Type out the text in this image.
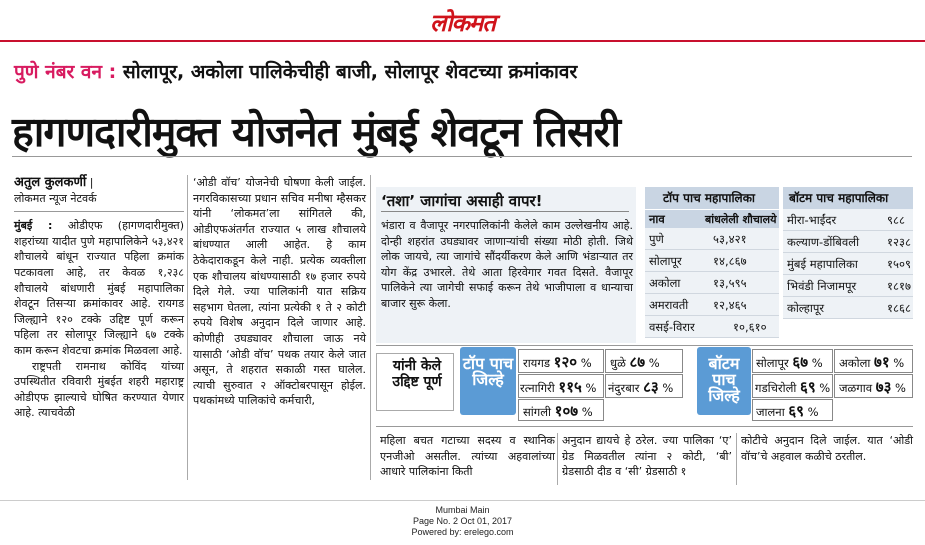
लोकमत
पुणे नंबर वन : सोलापूर, अकोला पालिकेचीही बाजी, सोलापूर शेवटच्या क्रमांकावर
हागणदारीमुक्त योजनेत मुंबई शेवटून तिसरी
अतुल कुलकर्णी |
लोकमत न्यूज नेटवर्क

मुंबई : ओडीएफ (हागणदारीमुक्त) शहरांच्या यादीत पुणे महापालिकेने ५३,४२१ शौचालये बांधून राज्यात पहिला क्रमांक पटकावला आहे, तर केवळ १,२३८ शौचालये बांधणारी मुंबई महापालिका शेवटून तिसऱ्या क्रमांकावर आहे. रायगड जिल्ह्याने १२० टक्के उद्दिष्ट पूर्ण करून पहिला तर सोलापूर जिल्ह्याने ६७ टक्के काम करून शेवटचा क्रमांक मिळवला आहे.

राष्ट्रपती रामनाथ कोविंद यांच्या उपस्थितीत रविवारी मुंबईत शहरी महाराष्ट्र ओडीएफ झाल्याचे घोषित करण्यात येणार आहे. त्याचवेळी

‘ओडी वॉच’ योजनेची घोषणा केली जाईल. नगरविकासच्या प्रधान सचिव मनीषा म्हैसकर यांनी ‘लोकमत’ला सांगितले की, ओडीएफअंतर्गत राज्यात ५ लाख शौचालये बांधण्यात आली आहेत. हे काम ठेकेदाराकडून केले नाही. प्रत्येक व्यक्तीला एक शौचालय बांधण्यासाठी १७ हजार रुपये दिले गेले. ज्या पालिकांनी यात सक्रिय सहभाग घेतला, त्यांना प्रत्येकी १ ते २ कोटी रुपये विशेष अनुदान दिले जाणार आहे. कोणीही उघड्यावर शौचाला जाऊ नये यासाठी ‘ओडी वॉच’ पथक तयार केले जात असून, ते शहरात सकाळी गस्त घालेल. त्याची सुरुवात २ ऑक्टोबरपासून होईल. पथकांमध्ये पालिकांचे कर्मचारी,

‘तशा’ जागांचा असाही वापर!
भंडारा व वैजापूर नगरपालिकांनी केलेले काम उल्लेखनीय आहे. दोन्ही शहरांत उघड्यावर जाणाऱ्यांची संख्या मोठी होती. जिथे लोक जायचे, त्या जागांचे सौंदर्यीकरण केले आणि भंडाऱ्यात तर योग केंद्र उभारले. तेथे आता हिरवेगार गवत दिसते. वैजापूर पालिकेने त्या जागेची सफाई करून तेथे भाजीपाला व धान्याचा बाजार सुरू केला.
टॉप पाच महापालिका
नाव	बांधलेली शौचालये
पुणे	५३,४२१
सोलापूर	१४,८६७
अकोला	१३,५९५
अमरावती	१२,४६५
वसई-विरार	१०,६१०
बॉटम पाच महापालिका
मीरा-भाईंदर	९८८
कल्याण-डोंबिवली	१२३८
मुंबई महापालिका	१५०९
भिवंडी निजामपूर	१८१७
कोल्हापूर	१८६८
यांनी केले उद्दिष्ट पूर्ण
टॉप पाच जिल्हे
बॉटम पाच जिल्हे
रायगड १२० % धुळे ८७ %
रत्नागिरी ११५ % नंदुरबार ८३ %
सांगली १०७ %
सोलापूर ६७ % अकोला ७१ %
गडचिरोली ६९ % जळगाव ७३ %
जालना ६९ %
महिला बचत गटाच्या सदस्य व स्थानिक एनजीओ असतील. त्यांच्या अहवालांच्या आधारे पालिकांना किती
अनुदान द्यायचे हे ठरेल. ज्या पालिका ‘ए’ ग्रेड मिळवतील त्यांना २ कोटी, ‘बी’ ग्रेडसाठी दीड व ‘सी’ ग्रेडसाठी १
कोटीचे अनुदान दिले जाईल. यात ‘ओडी वॉच’चे अहवाल कळीचे ठरतील.
Mumbai Main
Page No. 2 Oct 01, 2017
Powered by: erelego.com
